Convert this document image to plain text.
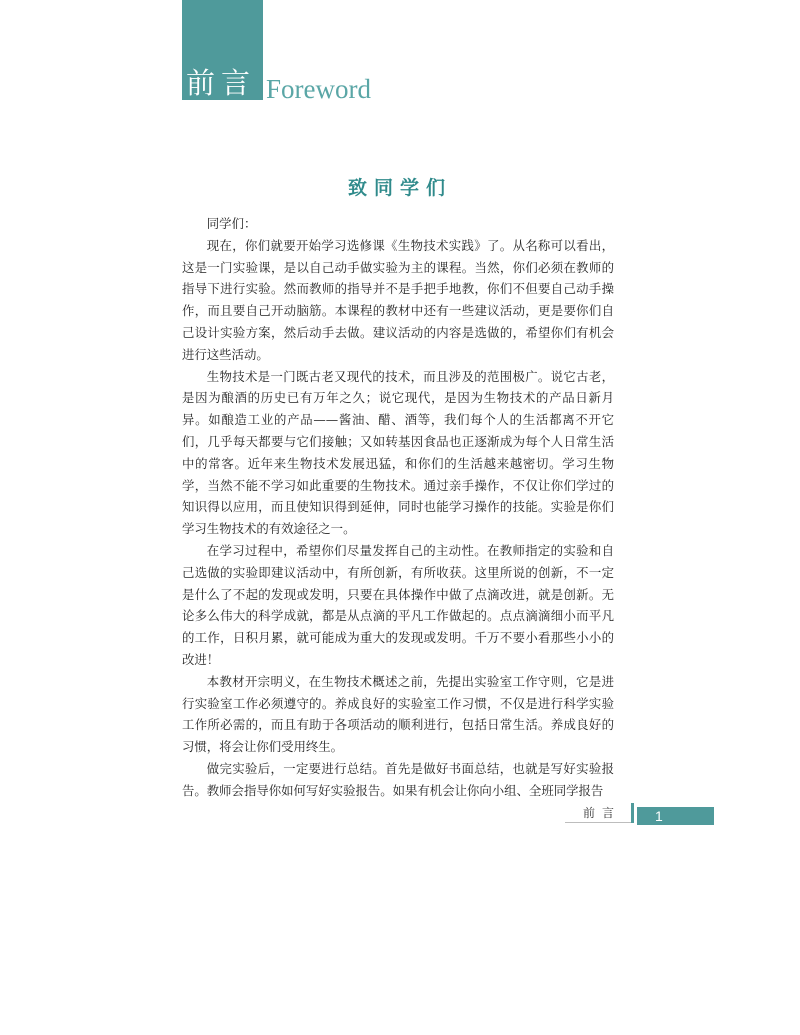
前言 Foreword
致同学们

同学们：

现在，你们就要开始学习选修课《生物技术实践》了。从名称可以看出，这是一门实验课，是以自己动手做实验为主的课程。当然，你们必须在教师的指导下进行实验。然而教师的指导并不是手把手地教，你们不但要自己动手操作，而且要自己开动脑筋。本课程的教材中还有一些建议活动，更是要你们自己设计实验方案，然后动手去做。建议活动的内容是选做的，希望你们有机会进行这些活动。

生物技术是一门既古老又现代的技术，而且涉及的范围极广。说它古老，是因为酿酒的历史已有万年之久；说它现代，是因为生物技术的产品日新月异。如酿造工业的产品——酱油、醋、酒等，我们每个人的生活都离不开它们，几乎每天都要与它们接触；又如转基因食品也正逐渐成为每个人日常生活中的常客。近年来生物技术发展迅猛，和你们的生活越来越密切。学习生物学，当然不能不学习如此重要的生物技术。通过亲手操作，不仅让你们学过的知识得以应用，而且使知识得到延伸，同时也能学习操作的技能。实验是你们学习生物技术的有效途径之一。

在学习过程中，希望你们尽量发挥自己的主动性。在教师指定的实验和自己选做的实验即建议活动中，有所创新，有所收获。这里所说的创新，不一定是什么了不起的发现或发明，只要在具体操作中做了点滴改进，就是创新。无论多么伟大的科学成就，都是从点滴的平凡工作做起的。点点滴滴细小而平凡的工作，日积月累，就可能成为重大的发现或发明。千万不要小看那些小小的改进！

本教材开宗明义，在生物技术概述之前，先提出实验室工作守则，它是进行实验室工作必须遵守的。养成良好的实验室工作习惯，不仅是进行科学实验工作所必需的，而且有助于各项活动的顺利进行，包括日常生活。养成良好的习惯，将会让你们受用终生。

做完实验后，一定要进行总结。首先是做好书面总结，也就是写好实验报告。教师会指导你如何写好实验报告。如果有机会让你向小组、全班同学报告

前言	1
